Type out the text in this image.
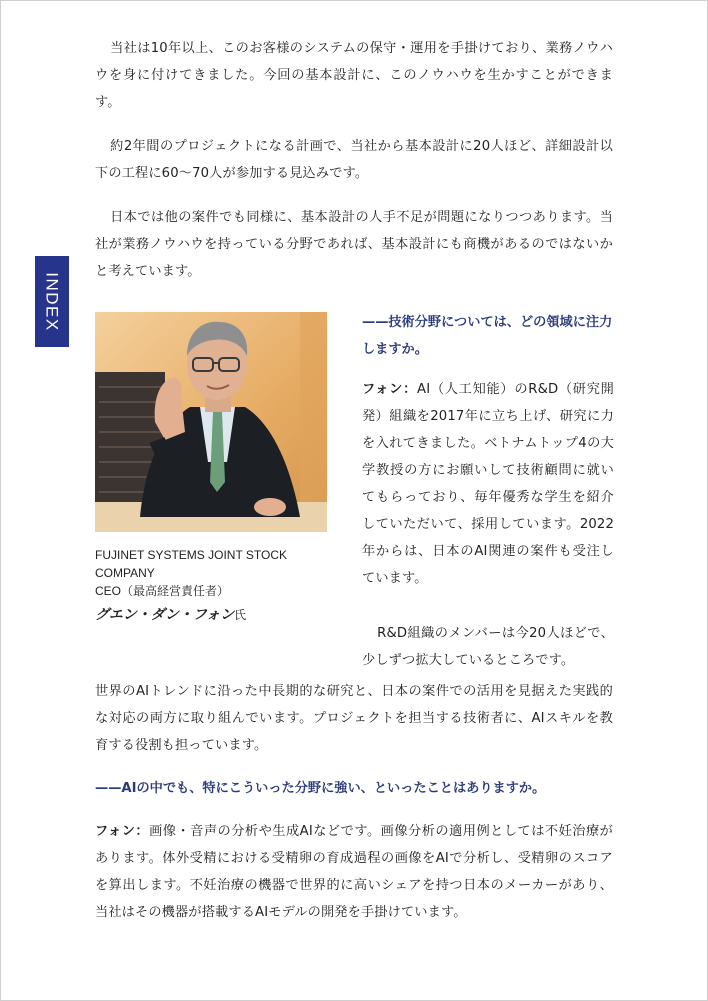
当社は10年以上、このお客様のシステムの保守・運用を手掛けており、業務ノウハウを身に付けてきました。今回の基本設計に、このノウハウを生かすことができます。

約2年間のプロジェクトになる計画で、当社から基本設計に20人ほど、詳細設計以下の工程に60〜70人が参加する見込みです。

日本では他の案件でも同様に、基本設計の人手不足が問題になりつつあります。当社が業務ノウハウを持っている分野であれば、基本設計にも商機があるのではないかと考えています。

INDEX
FUJINET SYSTEMS JOINT STOCK
COMPANY
CEO（最高経営責任者）
グエン・ダン・フォン氏

——技術分野については、どの領域に注力しますか。

フォン：AI（人工知能）のR&D（研究開発）組織を2017年に立ち上げ、研究に力を入れてきました。ベトナムトップ4の大学教授の方にお願いして技術顧問に就いてもらっており、毎年優秀な学生を紹介していただいて、採用しています。2022年からは、日本のAI関連の案件も受注しています。

R&D組織のメンバーは今20人ほどで、少しずつ拡大しているところです。

世界のAIトレンドに沿った中長期的な研究と、日本の案件での活用を見据えた実践的な対応の両方に取り組んでいます。プロジェクトを担当する技術者に、AIスキルを教育する役割も担っています。

——AIの中でも、特にこういった分野に強い、といったことはありますか。

フォン：画像・音声の分析や生成AIなどです。画像分析の適用例としては不妊治療があります。体外受精における受精卵の育成過程の画像をAIで分析し、受精卵のスコアを算出します。不妊治療の機器で世界的に高いシェアを持つ日本のメーカーがあり、当社はその機器が搭載するAIモデルの開発を手掛けています。
